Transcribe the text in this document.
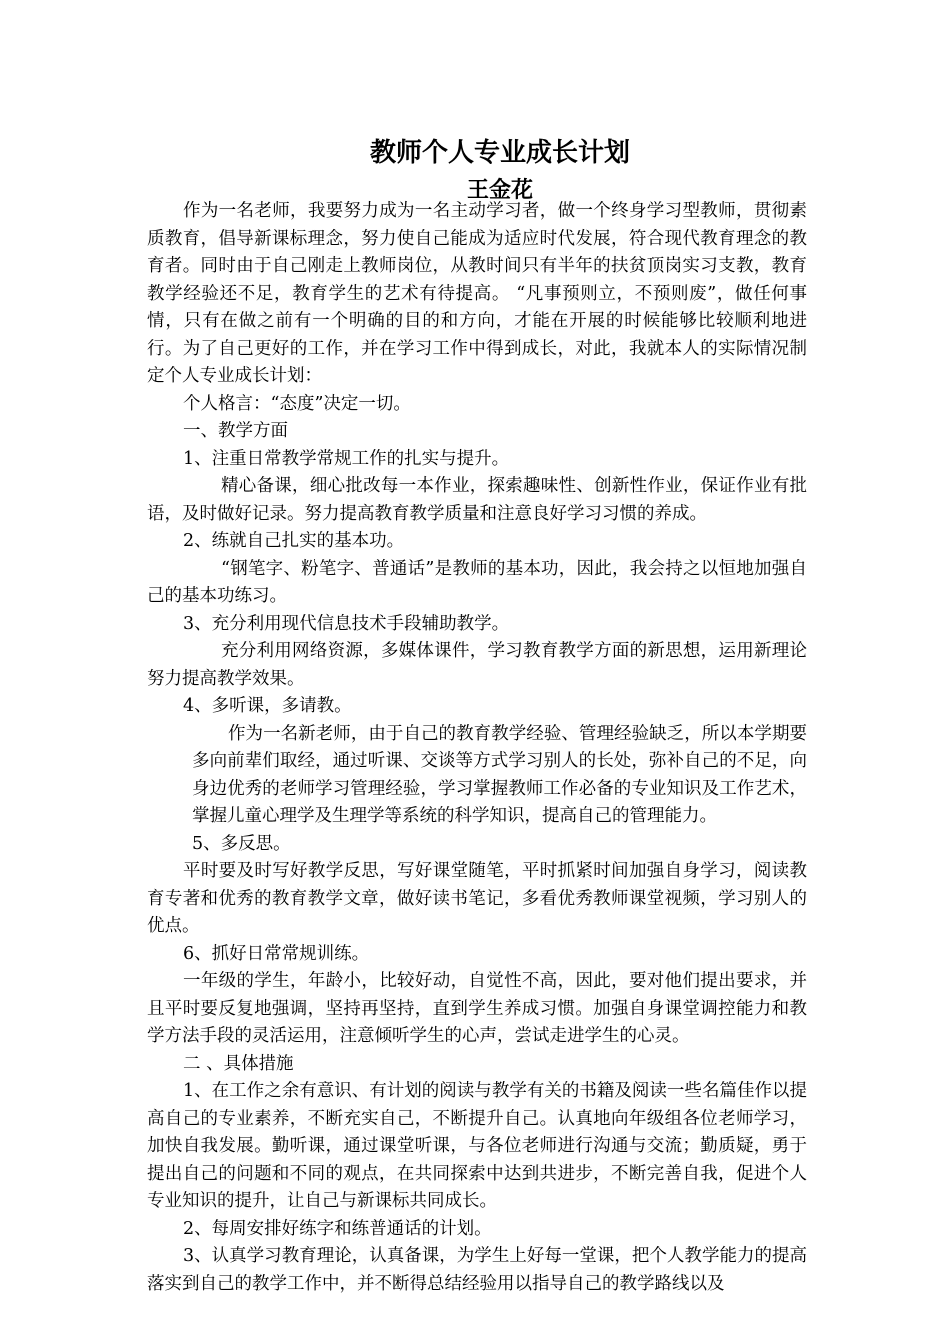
教师个人专业成长计划
王金花

作为一名老师，我要努力成为一名主动学习者，做一个终身学习型教师，贯彻素质教育，倡导新课标理念，努力使自己能成为适应时代发展，符合现代教育理念的教育者。同时由于自己刚走上教师岗位，从教时间只有半年的扶贫顶岗实习支教，教育教学经验还不足，教育学生的艺术有待提高。 “凡事预则立，不预则废”，做任何事情，只有在做之前有一个明确的目的和方向，才能在开展的时候能够比较顺利地进行。为了自己更好的工作，并在学习工作中得到成长，对此，我就本人的实际情况制定个人专业成长计划：

个人格言：“态度”决定一切。

一、教学方面

1、注重日常教学常规工作的扎实与提升。

精心备课，细心批改每一本作业，探索趣味性、创新性作业，保证作业有批语，及时做好记录。努力提高教育教学质量和注意良好学习习惯的养成。

2、练就自己扎实的基本功。

“钢笔字、粉笔字、普通话”是教师的基本功，因此，我会持之以恒地加强自己的基本功练习。

3、充分利用现代信息技术手段辅助教学。

充分利用网络资源，多媒体课件，学习教育教学方面的新思想，运用新理论努力提高教学效果。

4、多听课，多请教。

作为一名新老师，由于自己的教育教学经验、管理经验缺乏，所以本学期要多向前辈们取经，通过听课、交谈等方式学习别人的长处，弥补自己的不足，向身边优秀的老师学习管理经验，学习掌握教师工作必备的专业知识及工作艺术，掌握儿童心理学及生理学等系统的科学知识，提高自己的管理能力。

5、多反思。

平时要及时写好教学反思，写好课堂随笔，平时抓紧时间加强自身学习，阅读教育专著和优秀的教育教学文章，做好读书笔记，多看优秀教师课堂视频，学习别人的优点。

6、抓好日常常规训练。

一年级的学生，年龄小，比较好动，自觉性不高，因此，要对他们提出要求，并且平时要反复地强调，坚持再坚持，直到学生养成习惯。加强自身课堂调控能力和教学方法手段的灵活运用，注意倾听学生的心声，尝试走进学生的心灵。

二 、具体措施

1、在工作之余有意识、有计划的阅读与教学有关的书籍及阅读一些名篇佳作以提高自己的专业素养，不断充实自己，不断提升自己。认真地向年级组各位老师学习，加快自我发展。勤听课，通过课堂听课，与各位老师进行沟通与交流；勤质疑，勇于提出自己的问题和不同的观点，在共同探索中达到共进步，不断完善自我，促进个人专业知识的提升，让自己与新课标共同成长。

2、每周安排好练字和练普通话的计划。

3、认真学习教育理论，认真备课，为学生上好每一堂课，把个人教学能力的提高落实到自己的教学工作中，并不断得总结经验用以指导自己的教学路线以及
